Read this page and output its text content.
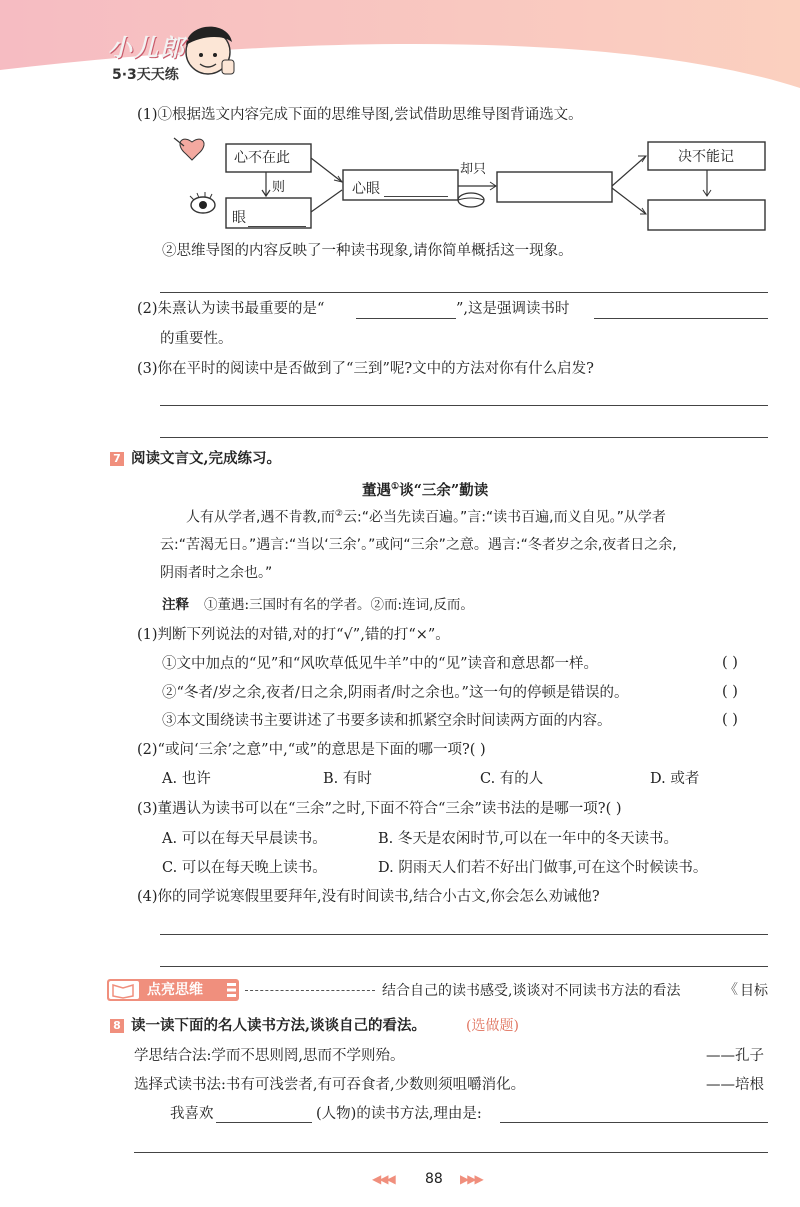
小儿郎
5·3天天练
(1)①根据选文内容完成下面的思维导图,尝试借助思维导图背诵选文。
心不在此
则
眼
心眼
却只
决不能记
②思维导图的内容反映了一种读书现象,请你简单概括这一现象。
(2)朱熹认为读书最重要的是“	”,这是强调读书时
的重要性。
(3)你在平时的阅读中是否做到了“三到”呢?文中的方法对你有什么启发?
7 阅读文言文,完成练习。
董遇①谈“三余”勤读
人有从学者,遇不肯教,而②云:“必当先读百遍。”言:“读书百遍,而义自见。”从学者
云:“苦渴无日。”遇言:“当以‘三余’。”或问“三余”之意。遇言:“冬者岁之余,夜者日之余,
阴雨者时之余也。”
注释 ①董遇:三国时有名的学者。②而:连词,反而。
(1)判断下列说法的对错,对的打“√”,错的打“×”。
①文中加点的“见”和“风吹草低见牛羊”中的“见”读音和意思都一样。	( )
②“冬者/岁之余,夜者/日之余,阴雨者/时之余也。”这一句的停顿是错误的。	( )
③本文围绕读书主要讲述了书要多读和抓紧空余时间读两方面的内容。	( )
(2)“或问‘三余’之意”中,“或”的意思是下面的哪一项?( )
A. 也许	B. 有时	C. 有的人	D. 或者
(3)董遇认为读书可以在“三余”之时,下面不符合“三余”读书法的是哪一项?( )
A. 可以在每天早晨读书。	B. 冬天是农闲时节,可以在一年中的冬天读书。
C. 可以在每天晚上读书。	D. 阴雨天人们若不好出门做事,可在这个时候读书。
(4)你的同学说寒假里要拜年,没有时间读书,结合小古文,你会怎么劝诫他?
点亮思维	结合自己的读书感受,谈谈对不同读书方法的看法	《 目标
8 读一读下面的名人读书方法,谈谈自己的看法。	(选做题)
学思结合法:学而不思则罔,思而不学则殆。	——孔子
选择式读书法:书有可浅尝者,有可吞食者,少数则须咀嚼消化。	——培根
我喜欢	(人物)的读书方法,理由是:
◀◀◀ 88 ▶▶▶
